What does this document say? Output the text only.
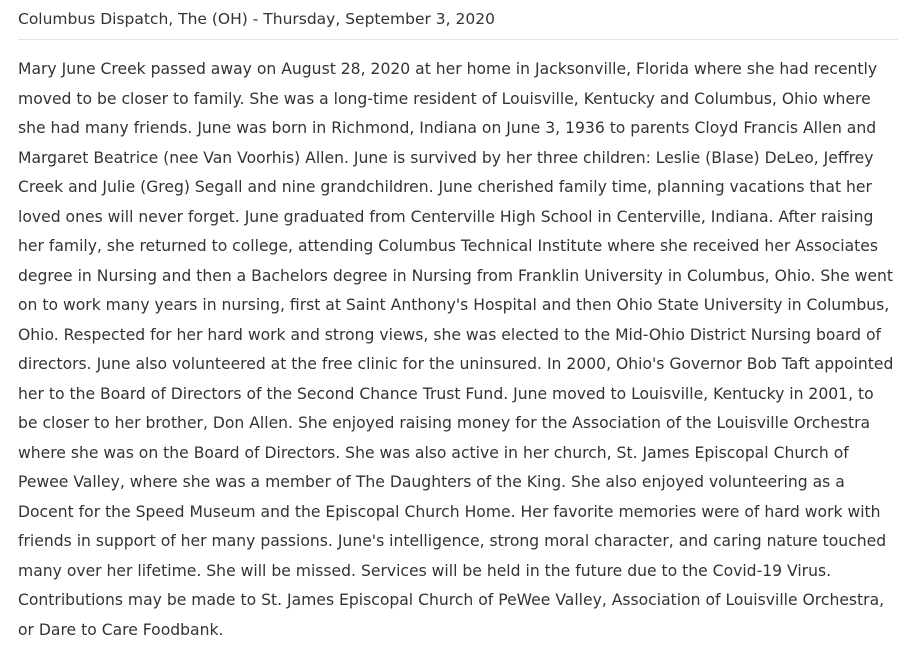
Columbus Dispatch, The (OH) - Thursday, September 3, 2020

Mary June Creek passed away on August 28, 2020 at her home in Jacksonville, Florida where she had recently moved to be closer to family. She was a long-time resident of Louisville, Kentucky and Columbus, Ohio where she had many friends. June was born in Richmond, Indiana on June 3, 1936 to parents Cloyd Francis Allen and Margaret Beatrice (nee Van Voorhis) Allen. June is survived by her three children: Leslie (Blase) DeLeo, Jeffrey Creek and Julie (Greg) Segall and nine grandchildren. June cherished family time, planning vacations that her loved ones will never forget. June graduated from Centerville High School in Centerville, Indiana. After raising her family, she returned to college, attending Columbus Technical Institute where she received her Associates degree in Nursing and then a Bachelors degree in Nursing from Franklin University in Columbus, Ohio. She went on to work many years in nursing, first at Saint Anthony's Hospital and then Ohio State University in Columbus, Ohio. Respected for her hard work and strong views, she was elected to the Mid-Ohio District Nursing board of directors. June also volunteered at the free clinic for the uninsured. In 2000, Ohio's Governor Bob Taft appointed her to the Board of Directors of the Second Chance Trust Fund. June moved to Louisville, Kentucky in 2001, to be closer to her brother, Don Allen. She enjoyed raising money for the Association of the Louisville Orchestra where she was on the Board of Directors. She was also active in her church, St. James Episcopal Church of Pewee Valley, where she was a member of The Daughters of the King. She also enjoyed volunteering as a Docent for the Speed Museum and the Episcopal Church Home. Her favorite memories were of hard work with friends in support of her many passions. June's intelligence, strong moral character, and caring nature touched many over her lifetime. She will be missed. Services will be held in the future due to the Covid-19 Virus. Contributions may be made to St. James Episcopal Church of PeWee Valley, Association of Louisville Orchestra, or Dare to Care Foodbank.
